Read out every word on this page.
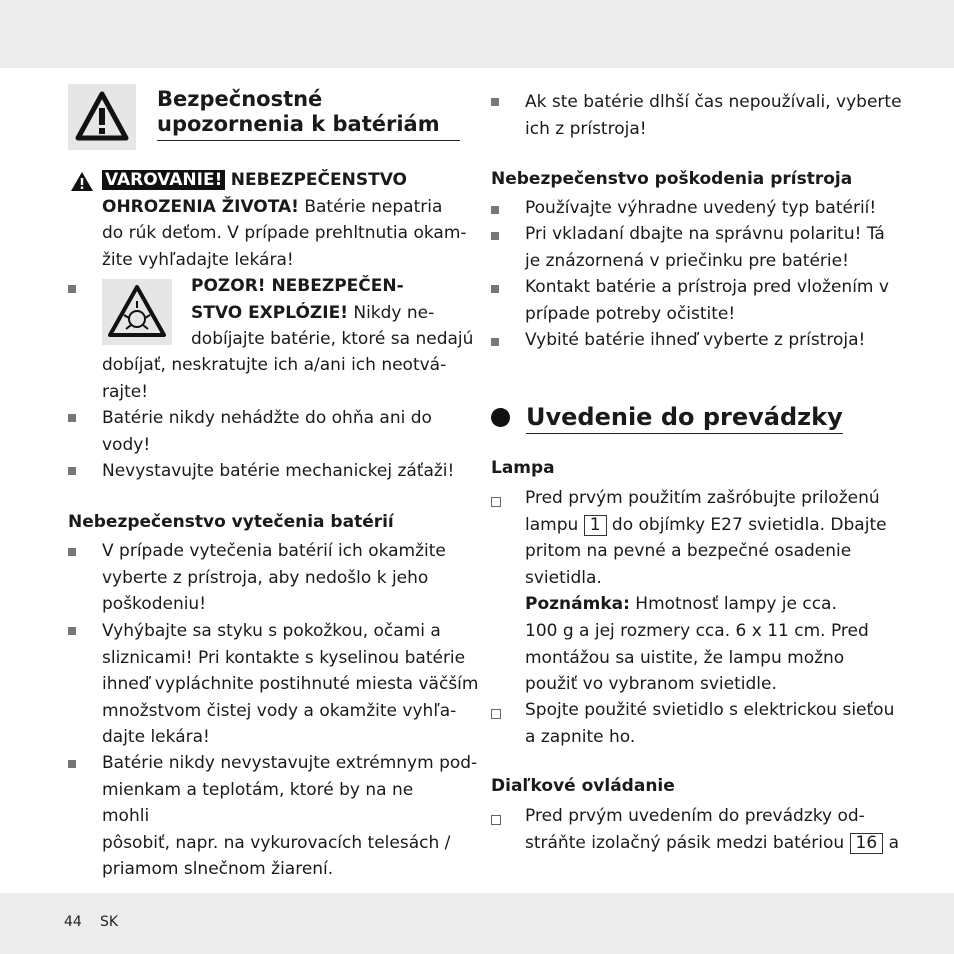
Bezpečnostné upozornenia k batériám
VAROVANIE! NEBEZPEČENSTVO
OHROZENIA ŽIVOTA! Batérie nepatria
do rúk deťom. V prípade prehltnutia okam-
žite vyhľadajte lekára!
POZOR! NEBEZPEČEN-
STVO EXPLÓZIE! Nikdy ne-
dobíjajte batérie, ktoré sa nedajú
dobíjať, neskratujte ich a/ani ich neotvá-
rajte!
Batérie nikdy nehádžte do ohňa ani do
vody!
Nevystavujte batérie mechanickej záťaži!
Nebezpečenstvo vytečenia batérií
V prípade vytečenia batérií ich okamžite
vyberte z prístroja, aby nedošlo k jeho
poškodeniu!
Vyhýbajte sa styku s pokožkou, očami a
sliznicami! Pri kontakte s kyselinou batérie
ihneď vypláchnite postihnuté miesta väčším
množstvom čistej vody a okamžite vyhľa-
dajte lekára!
Batérie nikdy nevystavujte extrémnym pod-
mienkam a teplotám, ktoré by na ne mohli
pôsobiť, napr. na vykurovacích telesách /
priamom slnečnom žiarení.
Ak ste batérie dlhší čas nepoužívali, vyberte
ich z prístroja!
Nebezpečenstvo poškodenia prístroja
Používajte výhradne uvedený typ batérií!
Pri vkladaní dbajte na správnu polaritu! Tá
je znázornená v priečinku pre batérie!
Kontakt batérie a prístroja pred vložením v
prípade potreby očistite!
Vybité batérie ihneď vyberte z prístroja!
Uvedenie do prevádzky
Lampa
Pred prvým použitím zašróbujte priloženú
lampu 1 do objímky E27 svietidla. Dbajte
pritom na pevné a bezpečné osadenie
svietidla.
Poznámka: Hmotnosť lampy je cca.
100 g a jej rozmery cca. 6 x 11 cm. Pred
montážou sa uistite, že lampu možno
použiť vo vybranom svietidle.
Spojte použité svietidlo s elektrickou sieťou
a zapnite ho.
Diaľkové ovládanie
Pred prvým uvedením do prevádzky od-
stráňte izolačný pásik medzi batériou 16 a
44 SK
